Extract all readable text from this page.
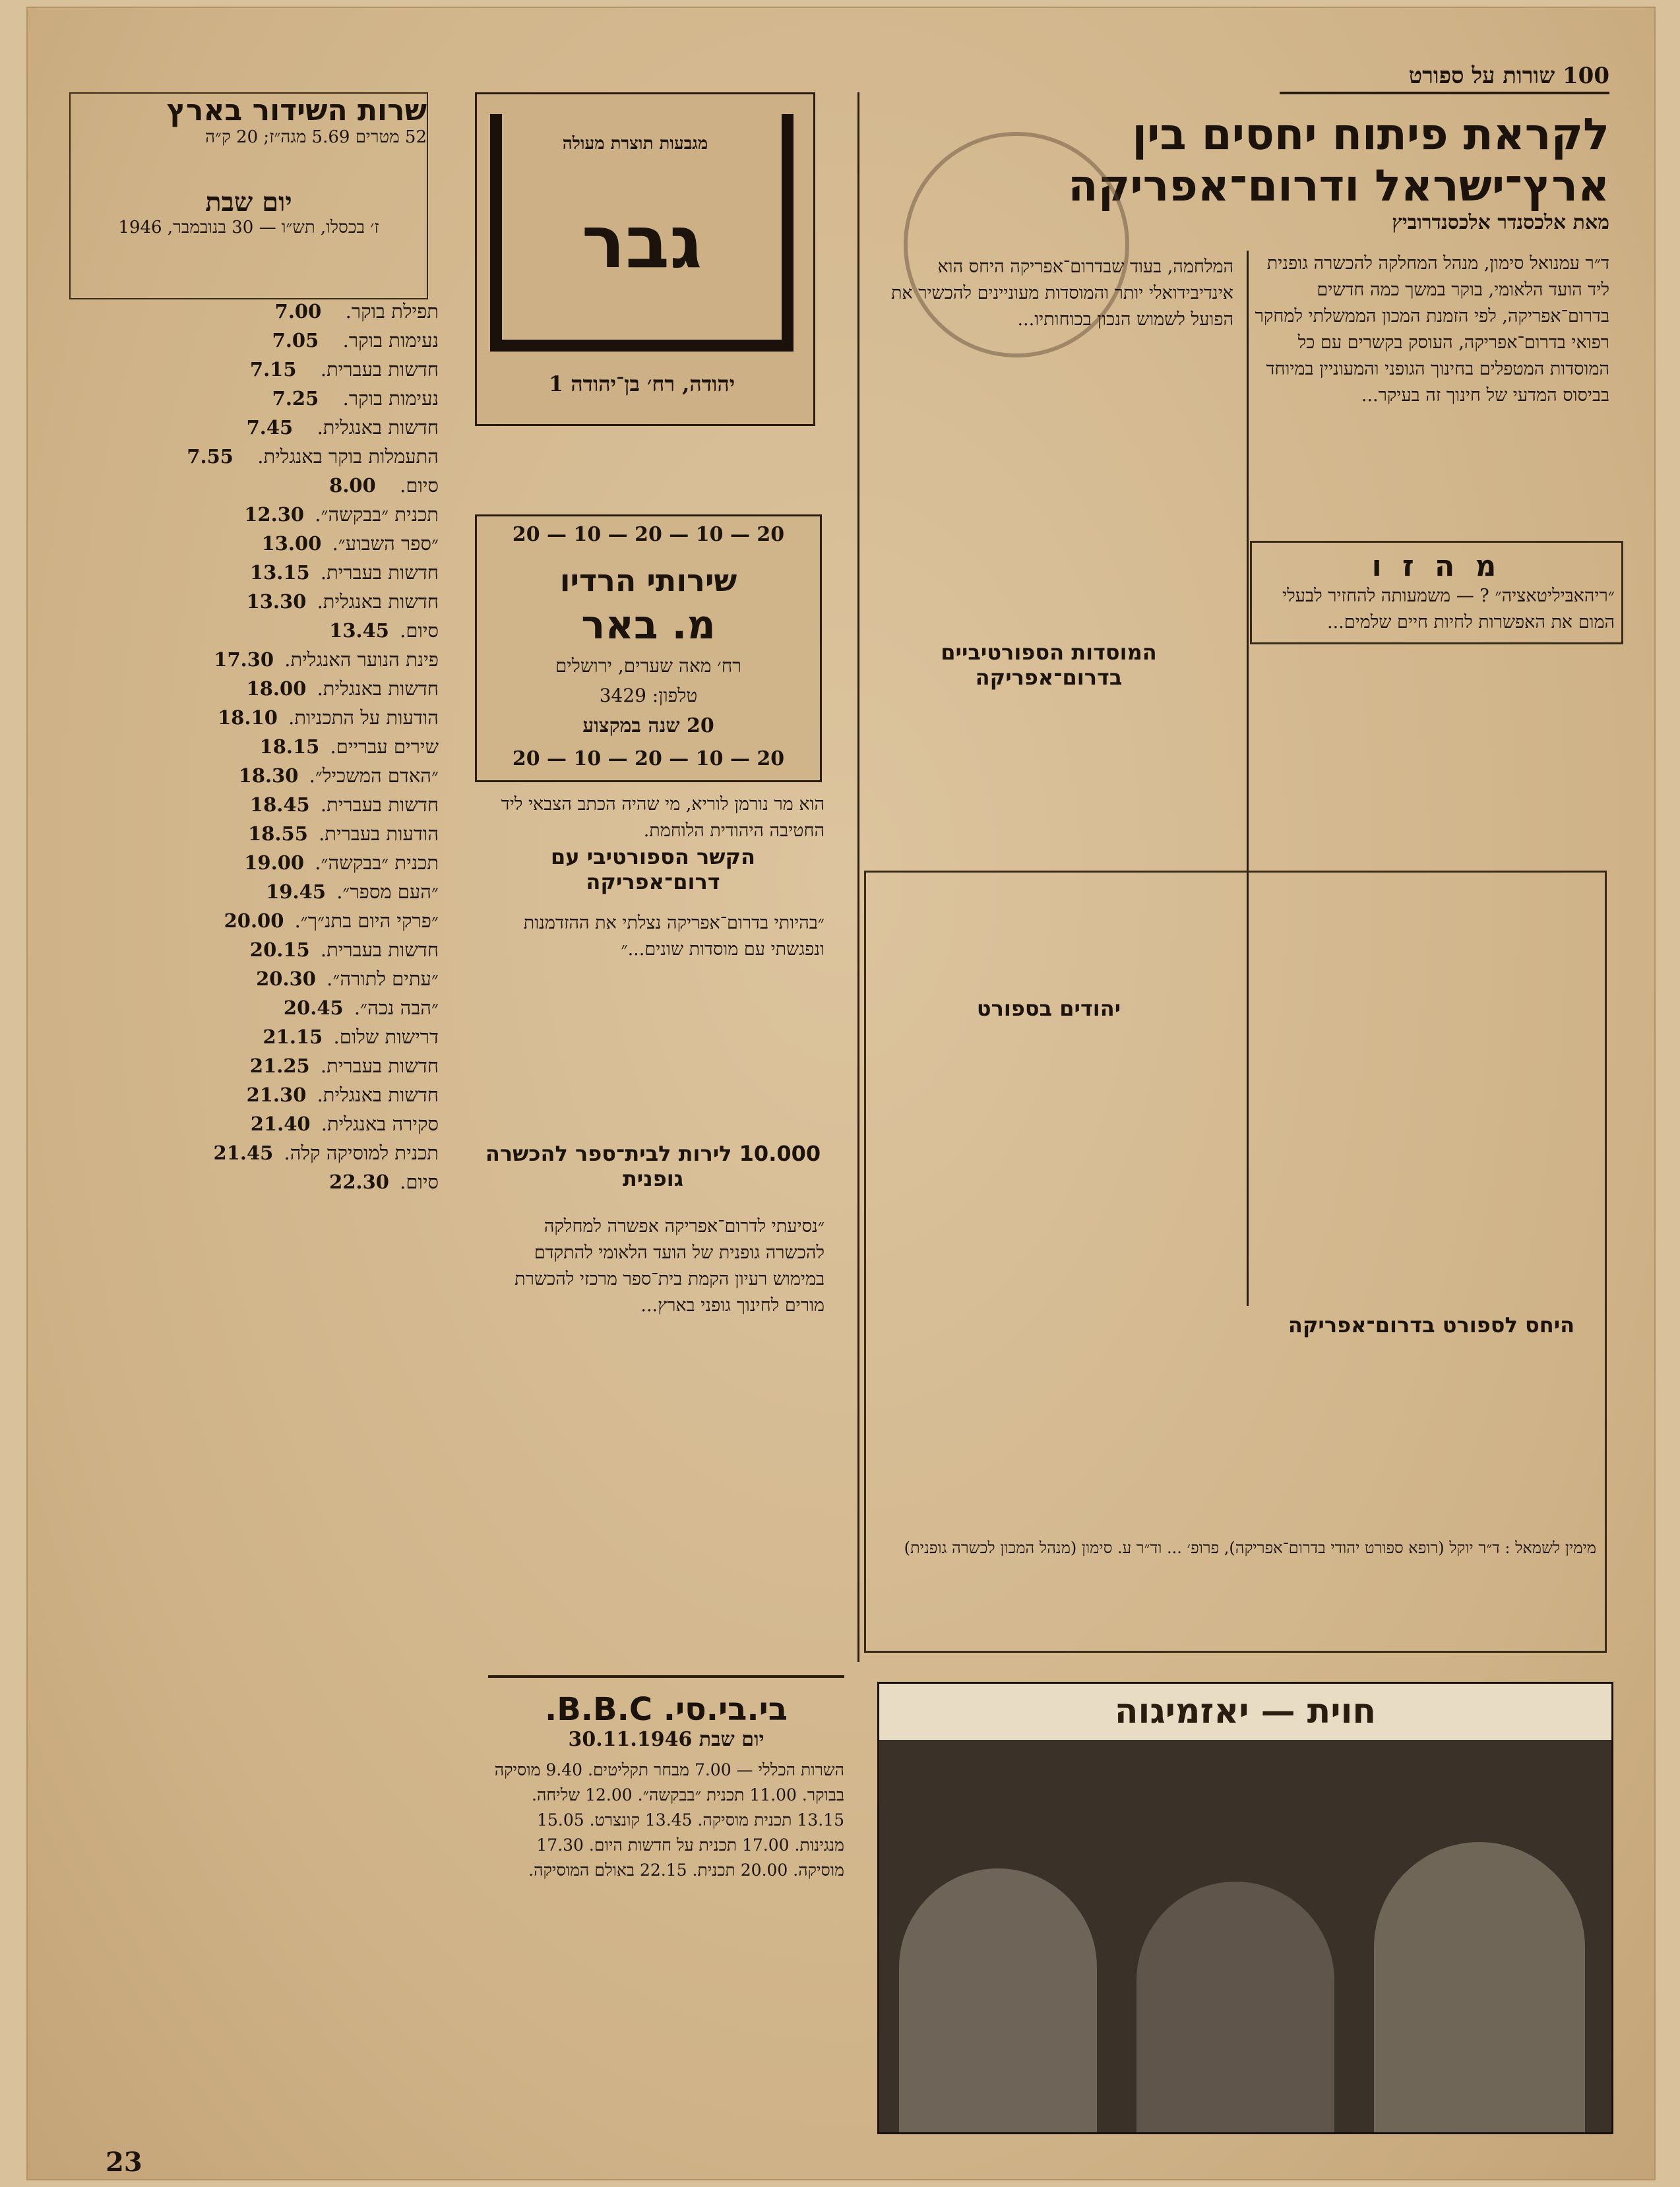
100 שורות על ספורט
לקראת פיתוח יחסים בין
ארץ־ישראל ודרום־אפריקה
מאת אלכסנדר אלכסנדרוביץ
ד״ר עמנואל סימון, מנהל המחלקה להכשרה גופנית ליד הועד הלאומי, בוקר במשך כמה חדשים בדרום־אפריקה, לפי הזמנת המכון הממשלתי למחקר רפואי בדרום־אפריקה, העוסק בקשרים עם כל המוסדות המטפלים בחינוך הגופני והמעוניין במיוחד בביסוס המדעי של חינוך זה בעיקר...
מ ה ז ו
״ריהאבּיליטאציה״ ? — משמעותה להחזיר לבעלי המום את האפשרות לחיות חיים שלמים...
המלחמה, בעוד שבדרום־אפריקה היחס הוא אינדיבידואלי יותר והמוסדות מעוניינים להכשיר את הפועל לשמוש הנכון בכוחותיו...
המוסדות הספורטיביים בדרום־אפריקה
יהודים בספורט
היחס לספורט בדרום־אפריקה
מימין לשמאל : ד״ר יוקל (רופא ספורט יהודי בדרום־אפריקה), פרופ׳ ... וד״ר ע. סימון (מנהל המכון לכשרה גופנית)
חוית — יאזמיגוה
הוא מר נורמן לוריא, מי שהיה הכתב הצבאי ליד החטיבה היהודית הלוחמת.
הקשר הספורטיבי עם דרום־אפריקה
״בהיותי בדרום־אפריקה נצלתי את ההזדמנות ונפגשתי עם מוסדות שונים...״
10.000 לירות לבית־ספר להכשרה גופנית
״נסיעתי לדרום־אפריקה אפשרה למחלקה להכשרה גופנית של הועד הלאומי להתקדם במימוש רעיון הקמת בית־ספר מרכזי להכשרת מורים לחינוך גופני בארץ...
גבר
מגבעות תוצרת מעולה
יהודה, רח׳ בן־יהודה 1
20 — 10 — 20 — 10 — 20
שירותי הרדיו
מ. באר
רח׳ מאה שערים, ירושלים
טלפון: 3429
20 שנה במקצוע
20 — 10 — 20 — 10 — 20
שרות השידור בארץ
52 מטרים 5.69 מגה״ז; 20 ק״ה
יום שבת
ז׳ בכסלו, תש״ו — 30 בנובמבר, 1946
תפילת בוקר.
7.00
נעימות בוקר.
7.05
חדשות בעברית.
7.15
נעימות בוקר.
7.25
חדשות באנגלית.
7.45
התעמלות בוקר באנגלית.
7.55
סיום.
8.00
תכנית ״בבקשה״.
12.30
״ספר השבוע״.
13.00
חדשות בעברית.
13.15
חדשות באנגלית.
13.30
סיום.
13.45
פינת הנוער האנגלית.
17.30
חדשות באנגלית.
18.00
הודעות על התכניות.
18.10
שירים עבריים.
18.15
״האדם המשכיל״.
18.30
חדשות בעברית.
18.45
הודעות בעברית.
18.55
תכנית ״בבקשה״.
19.00
״העם מספר״.
19.45
״פרקי היום בתנ״ך״.
20.00
חדשות בעברית.
20.15
״עתים לתורה״.
20.30
״הבה נכה״.
20.45
דרישות שלום.
21.15
חדשות בעברית.
21.25
חדשות באנגלית.
21.30
סקירה באנגלית.
21.40
תכנית למוסיקה קלה.
21.45
סיום.
22.30
בי.בי.סי. B.B.C.
יום שבת 30.11.1946
השרות הכללי — 7.00 מבחר תקליטים. 9.40 מוסיקה בבוקר. 11.00 תכנית ״בבקשה״. 12.00 שליחה. 13.15 תכנית מוסיקה. 13.45 קונצרט. 15.05 מנגינות. 17.00 תכנית על חדשות היום. 17.30 מוסיקה. 20.00 תכנית. 22.15 באולם המוסיקה.
23
